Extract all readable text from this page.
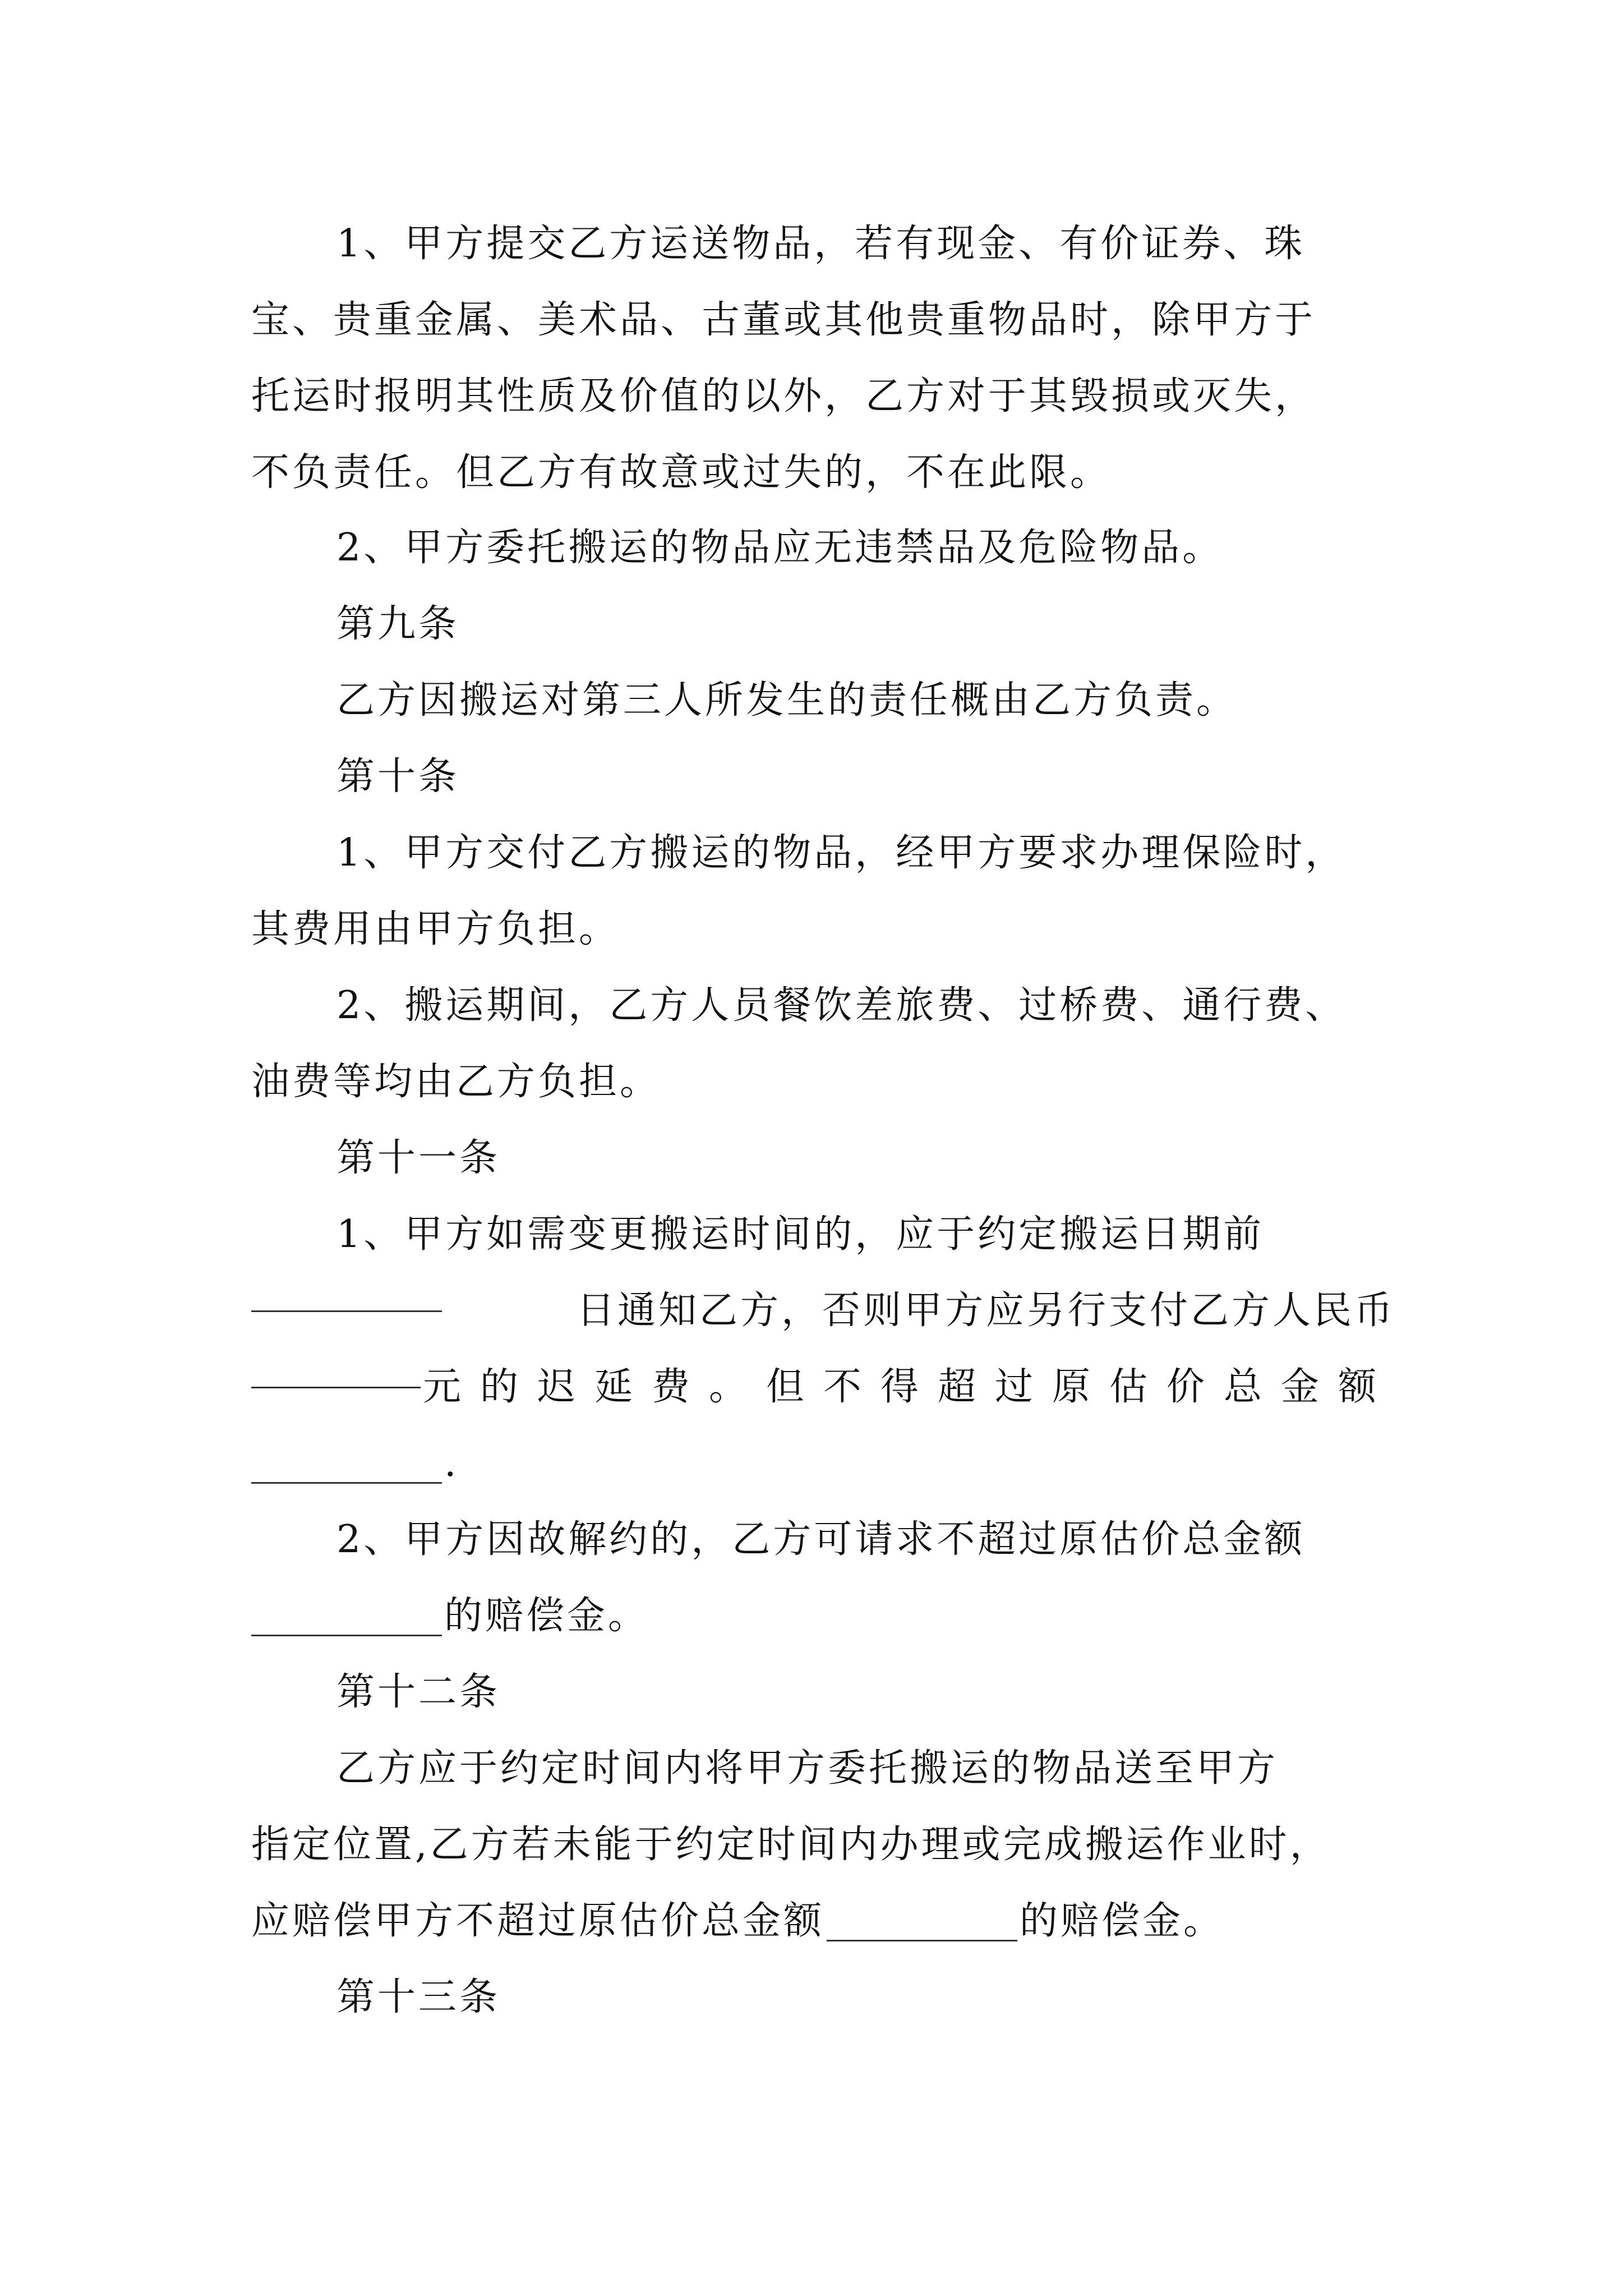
1、甲方提交乙方运送物品，若有现金、有价证券、珠
宝、贵重金属、美术品、古董或其他贵重物品时，除甲方于
托运时报明其性质及价值的以外，乙方对于其毁损或灭失，
不负责任。但乙方有故意或过失的，不在此限。
2、甲方委托搬运的物品应无违禁品及危险物品。
第九条
乙方因搬运对第三人所发生的责任概由乙方负责。
第十条
1、甲方交付乙方搬运的物品，经甲方要求办理保险时，
其费用由甲方负担。
2、搬运期间，乙方人员餐饮差旅费、过桥费、通行费、
油费等均由乙方负担。
第十一条
1、甲方如需变更搬运时间的，应于约定搬运日期前
日通知乙方，否则甲方应另行支付乙方人民币
元的迟延费。但不得超过原估价总金额
.
2、甲方因故解约的，乙方可请求不超过原估价总金额
的赔偿金。
第十二条
乙方应于约定时间内将甲方委托搬运的物品送至甲方
指定位置,乙方若未能于约定时间内办理或完成搬运作业时，
应赔偿甲方不超过原估价总金额	的赔偿金。
第十三条
